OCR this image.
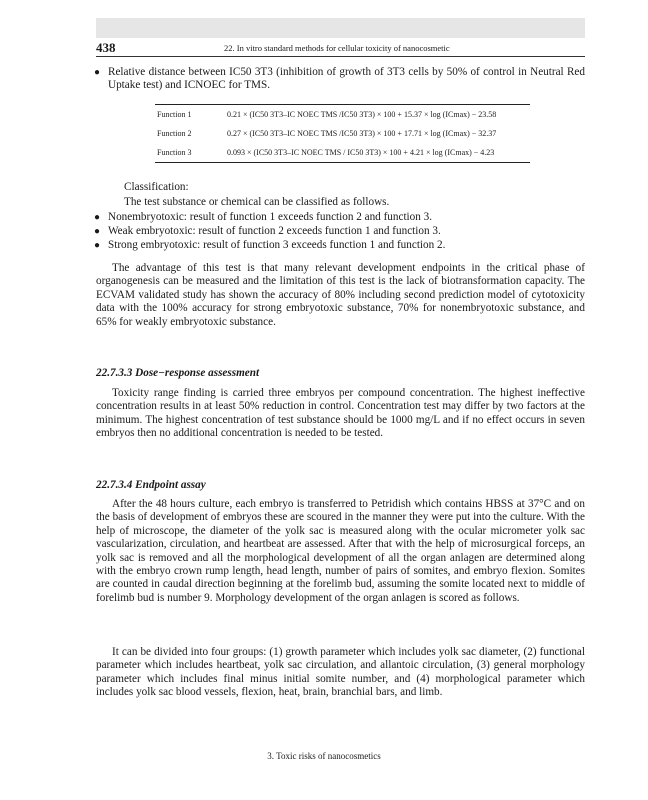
438	22. In vitro standard methods for cellular toxicity of nanocosmetic
● Relative distance between IC50 3T3 (inhibition of growth of 3T3 cells by 50% of control in Neutral Red Uptake test) and ICNOEC for TMS.
Function 1	0.21 × (IC50 3T3–IC NOEC TMS /IC50 3T3) × 100 + 15.37 × log (ICmax) − 23.58
Function 2	0.27 × (IC50 3T3–IC NOEC TMS /IC50 3T3) × 100 + 17.71 × log (ICmax) − 32.37
Function 3	0.093 × (IC50 3T3–IC NOEC TMS / IC50 3T3) × 100 + 4.21 × log (ICmax) − 4.23
Classification:
The test substance or chemical can be classified as follows.
● Nonembryotoxic: result of function 1 exceeds function 2 and function 3.
● Weak embryotoxic: result of function 2 exceeds function 1 and function 3.
● Strong embryotoxic: result of function 3 exceeds function 1 and function 2.
The advantage of this test is that many relevant development endpoints in the critical phase of organogenesis can be measured and the limitation of this test is the lack of biotransformation capacity. The ECVAM validated study has shown the accuracy of 80% including second prediction model of cytotoxicity data with the 100% accuracy for strong embryotoxic substance, 70% for nonembryotoxic substance, and 65% for weakly embryotoxic substance.
22.7.3.3 Dose−response assessment
Toxicity range finding is carried three embryos per compound concentration. The highest ineffective concentration results in at least 50% reduction in control. Concentration test may differ by two factors at the minimum. The highest concentration of test substance should be 1000 mg/L and if no effect occurs in seven embryos then no additional concentration is needed to be tested.
22.7.3.4 Endpoint assay
After the 48 hours culture, each embryo is transferred to Petridish which contains HBSS at 37°C and on the basis of development of embryos these are scoured in the manner they were put into the culture. With the help of microscope, the diameter of the yolk sac is measured along with the ocular micrometer yolk sac vascularization, circulation, and heartbeat are assessed. After that with the help of microsurgical forceps, an yolk sac is removed and all the morphological development of all the organ anlagen are determined along with the embryo crown rump length, head length, number of pairs of somites, and embryo flexion. Somites are counted in caudal direction beginning at the forelimb bud, assuming the somite located next to middle of forelimb bud is number 9. Morphology development of the organ anlagen is scored as follows.
It can be divided into four groups: (1) growth parameter which includes yolk sac diameter, (2) functional parameter which includes heartbeat, yolk sac circulation, and allantoic circulation, (3) general morphology parameter which includes final minus initial somite number, and (4) morphological parameter which includes yolk sac blood vessels, flexion, heat, brain, branchial bars, and limb.
3. Toxic risks of nanocosmetics
